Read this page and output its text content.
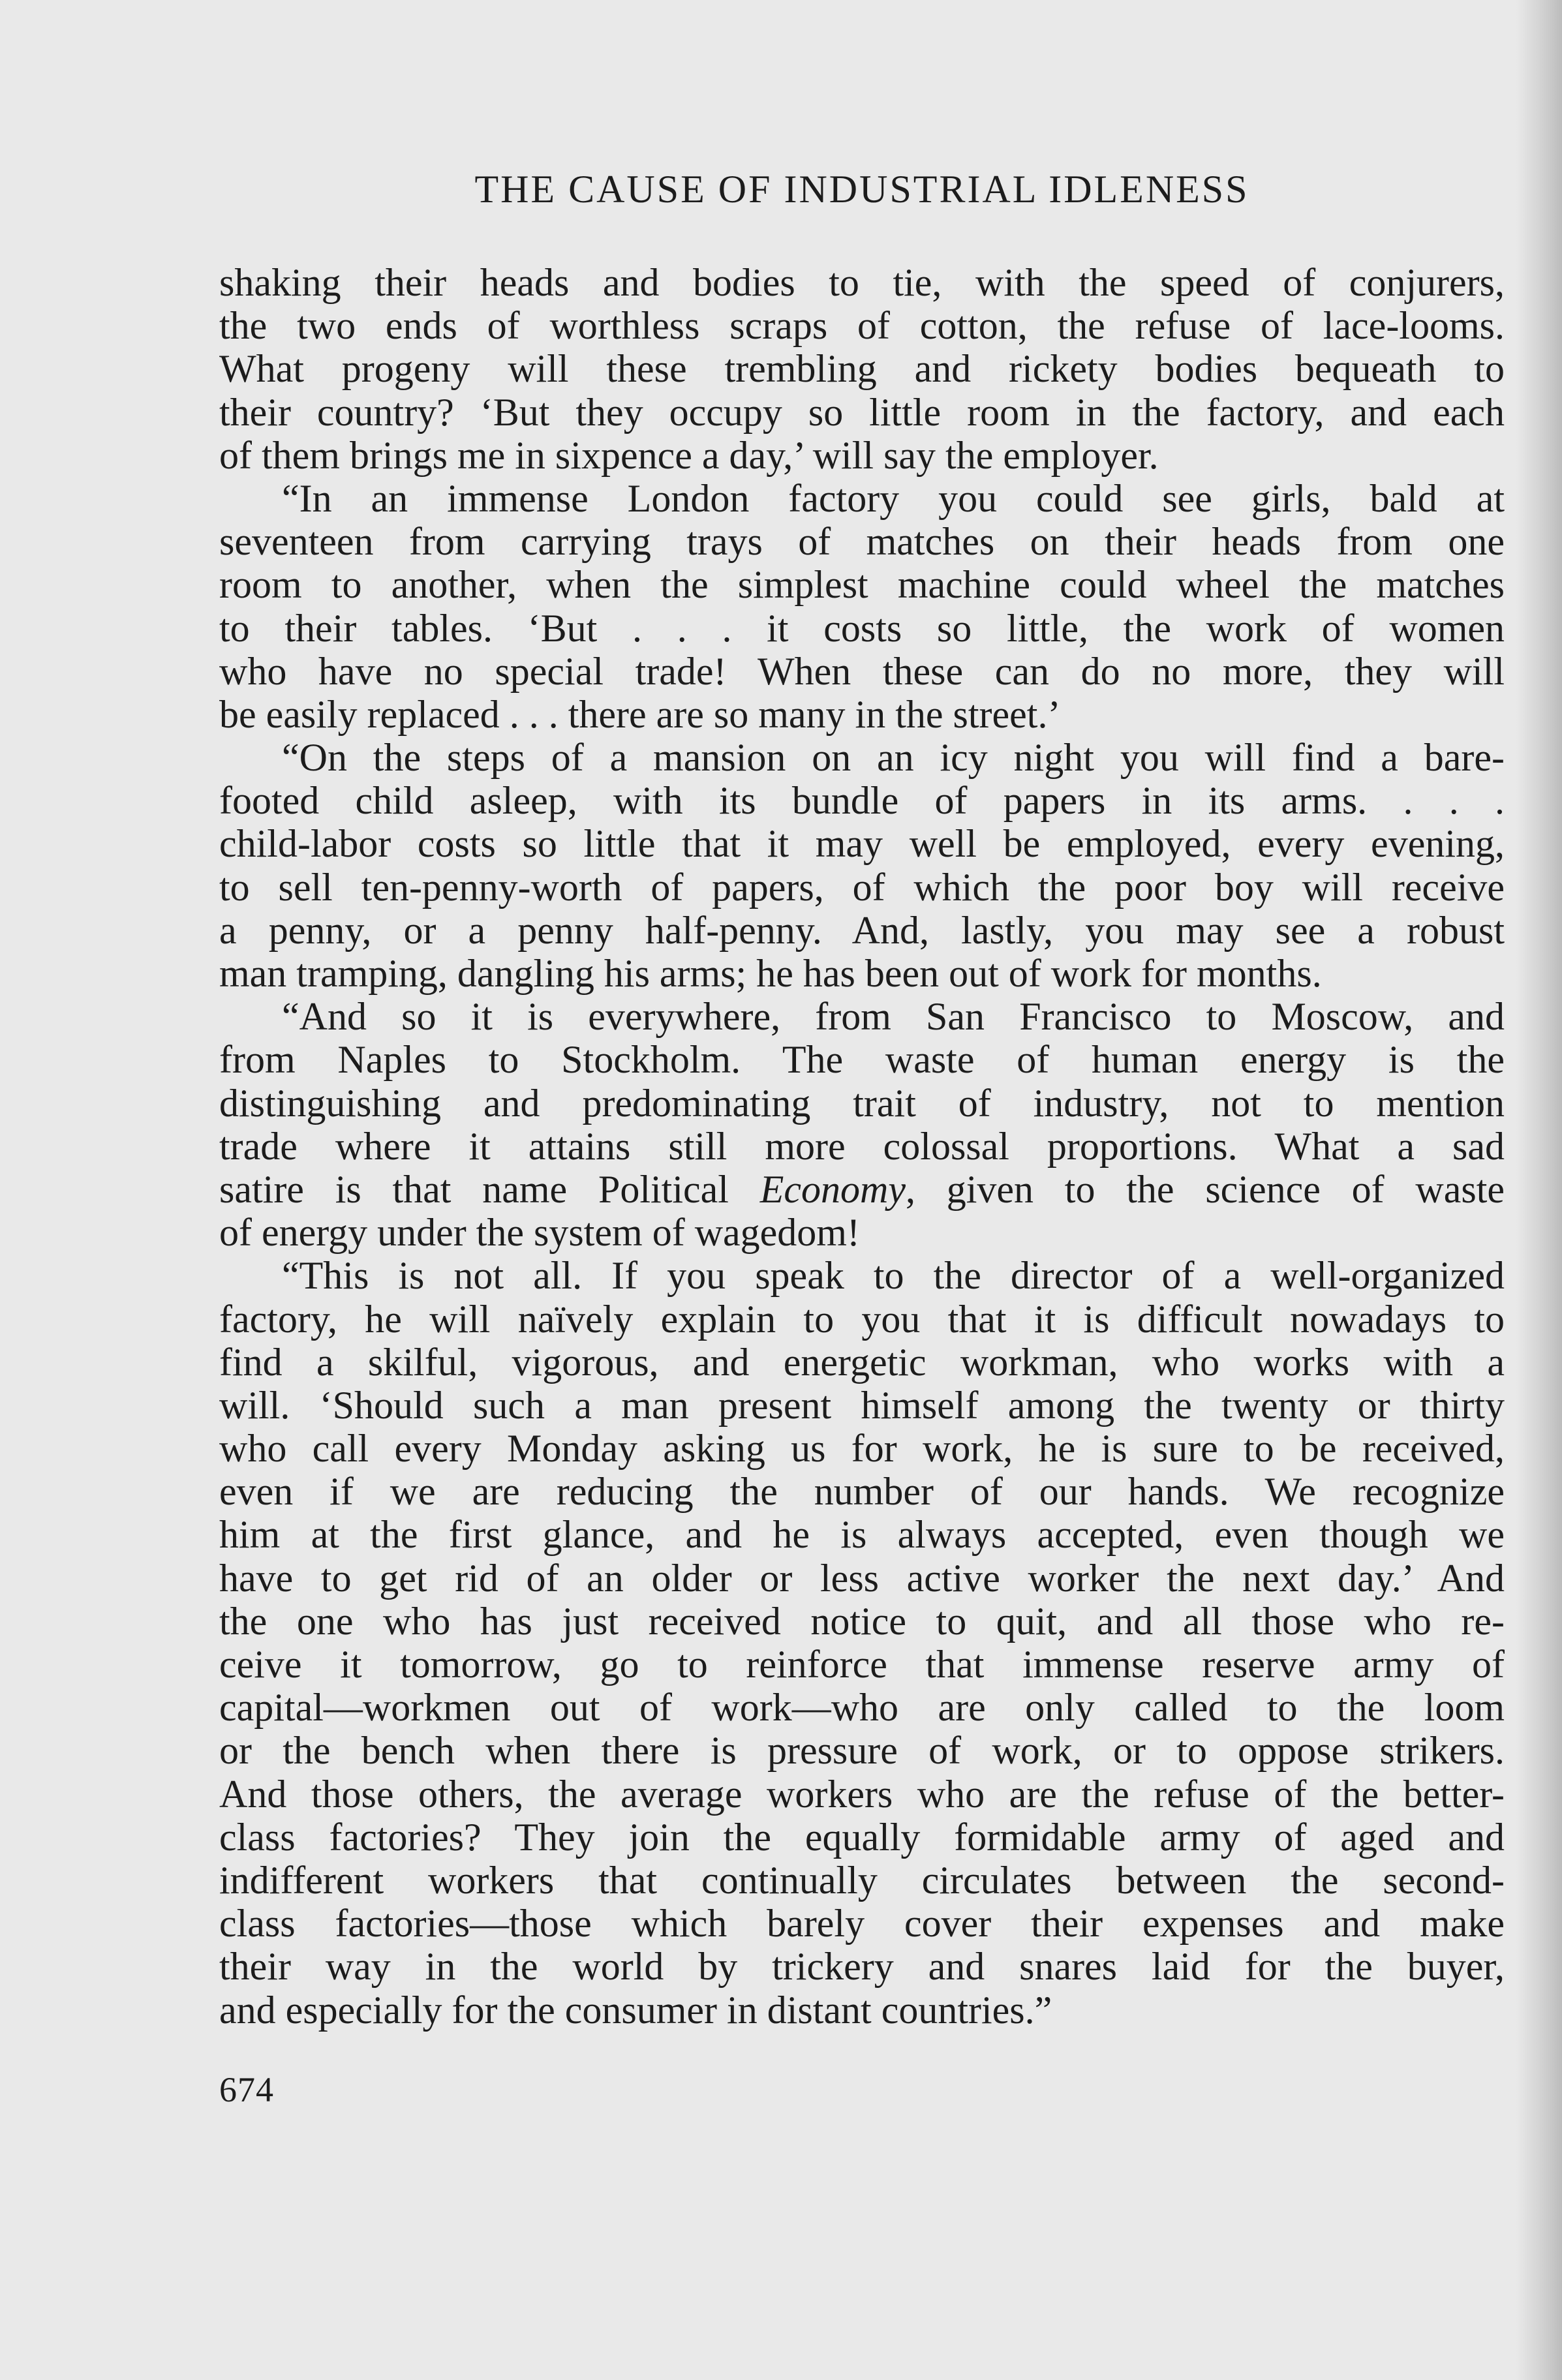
THE CAUSE OF INDUSTRIAL IDLENESS
shaking their heads and bodies to tie, with the speed of conjurers,
the two ends of worthless scraps of cotton, the refuse of lace-looms.
What progeny will these trembling and rickety bodies bequeath to
their country? ‘But they occupy so little room in the factory, and each
of them brings me in sixpence a day,’ will say the employer.
“In an immense London factory you could see girls, bald at
seventeen from carrying trays of matches on their heads from one
room to another, when the simplest machine could wheel the matches
to their tables. ‘But . . . it costs so little, the work of women
who have no special trade! When these can do no more, they will
be easily replaced . . . there are so many in the street.’
“On the steps of a mansion on an icy night you will find a bare-
footed child asleep, with its bundle of papers in its arms. . . .
child-labor costs so little that it may well be employed, every evening,
to sell ten-penny-worth of papers, of which the poor boy will receive
a penny, or a penny half-penny. And, lastly, you may see a robust
man tramping, dangling his arms; he has been out of work for months.
“And so it is everywhere, from San Francisco to Moscow, and
from Naples to Stockholm. The waste of human energy is the
distinguishing and predominating trait of industry, not to mention
trade where it attains still more colossal proportions. What a sad
satire is that name Political Economy, given to the science of waste
of energy under the system of wagedom!
“This is not all. If you speak to the director of a well-organized
factory, he will naïvely explain to you that it is difficult nowadays to
find a skilful, vigorous, and energetic workman, who works with a
will. ‘Should such a man present himself among the twenty or thirty
who call every Monday asking us for work, he is sure to be received,
even if we are reducing the number of our hands. We recognize
him at the first glance, and he is always accepted, even though we
have to get rid of an older or less active worker the next day.’ And
the one who has just received notice to quit, and all those who re-
ceive it tomorrow, go to reinforce that immense reserve army of
capital—workmen out of work—who are only called to the loom
or the bench when there is pressure of work, or to oppose strikers.
And those others, the average workers who are the refuse of the better-
class factories? They join the equally formidable army of aged and
indifferent workers that continually circulates between the second-
class factories—those which barely cover their expenses and make
their way in the world by trickery and snares laid for the buyer,
and especially for the consumer in distant countries.”
674
